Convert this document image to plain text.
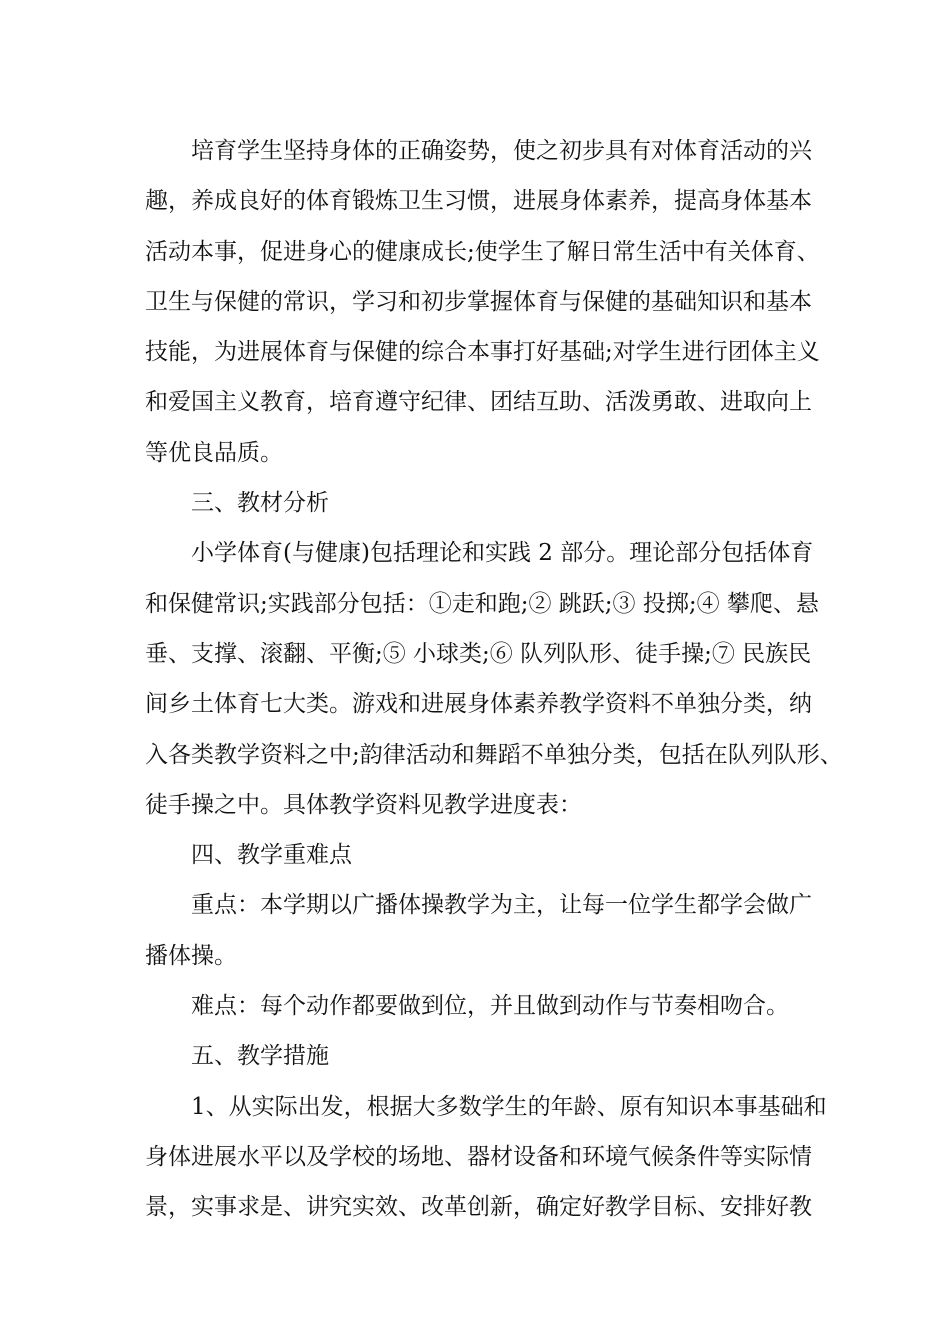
培育学生坚持身体的正确姿势，使之初步具有对体育活动的兴
趣，养成良好的体育锻炼卫生习惯，进展身体素养，提高身体基本
活动本事，促进身心的健康成长;使学生了解日常生活中有关体育、
卫生与保健的常识，学习和初步掌握体育与保健的基础知识和基本
技能，为进展体育与保健的综合本事打好基础;对学生进行团体主义
和爱国主义教育，培育遵守纪律、团结互助、活泼勇敢、进取向上
等优良品质。

三、教材分析

小学体育(与健康)包括理论和实践 2 部分。理论部分包括体育
和保健常识;实践部分包括：①走和跑;② 跳跃;③ 投掷;④ 攀爬、悬
垂、支撑、滚翻、平衡;⑤ 小球类;⑥ 队列队形、徒手操;⑦ 民族民
间乡土体育七大类。游戏和进展身体素养教学资料不单独分类，纳
入各类教学资料之中;韵律活动和舞蹈不单独分类，包括在队列队形、
徒手操之中。具体教学资料见教学进度表：

四、教学重难点

重点：本学期以广播体操教学为主，让每一位学生都学会做广
播体操。

难点：每个动作都要做到位，并且做到动作与节奏相吻合。

五、教学措施

1、从实际出发，根据大多数学生的年龄、原有知识本事基础和
身体进展水平以及学校的场地、器材设备和环境气候条件等实际情
景，实事求是、讲究实效、改革创新，确定好教学目标、安排好教
